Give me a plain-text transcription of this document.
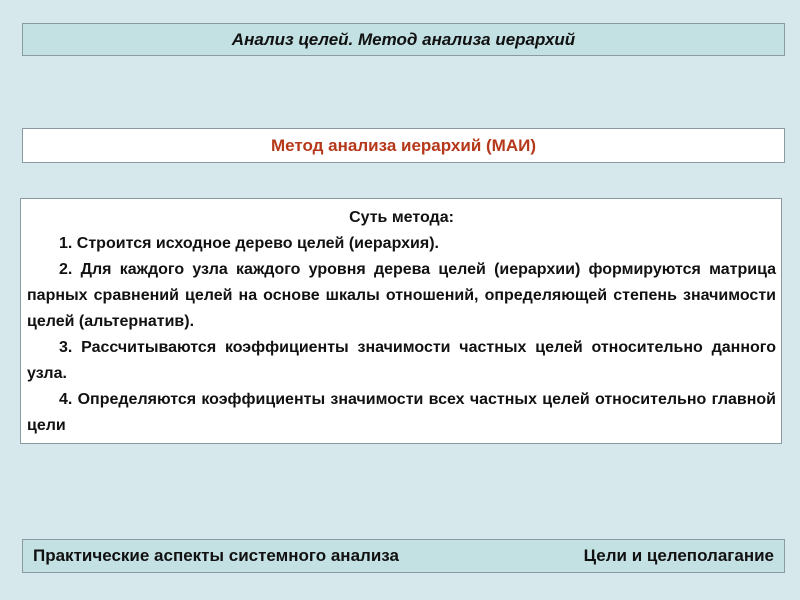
Анализ целей. Метод анализа иерархий
Метод анализа иерархий (МАИ)
Суть метода:
1. Строится исходное дерево целей (иерархия).
2. Для каждого узла каждого уровня дерева целей (иерархии) формируются матрица парных сравнений целей на основе шкалы отношений, определяющей степень значимости целей (альтернатив).
3. Рассчитываются коэффициенты значимости частных целей относительно данного узла.
4. Определяются коэффициенты значимости всех частных целей относительно главной цели
Практические аспекты системного анализа	Цели и целеполагание
